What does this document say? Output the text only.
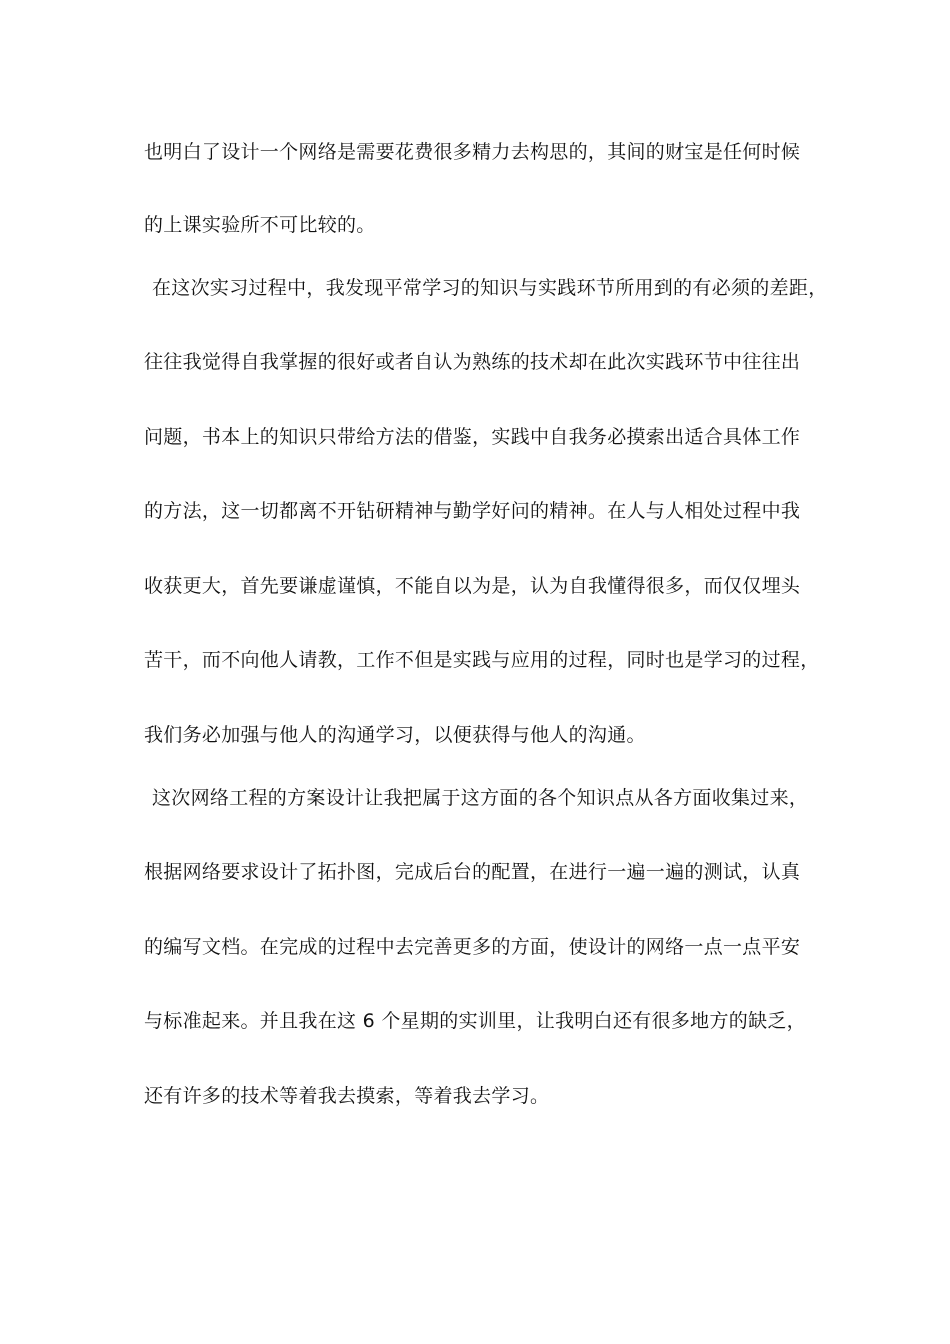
也明白了设计一个网络是需要花费很多精力去构思的，其间的财宝是任何时候
的上课实验所不可比较的。
在这次实习过程中，我发现平常学习的知识与实践环节所用到的有必须的差距，
往往我觉得自我掌握的很好或者自认为熟练的技术却在此次实践环节中往往出
问题，书本上的知识只带给方法的借鉴，实践中自我务必摸索出适合具体工作
的方法，这一切都离不开钻研精神与勤学好问的精神。在人与人相处过程中我
收获更大，首先要谦虚谨慎，不能自以为是，认为自我懂得很多，而仅仅埋头
苦干，而不向他人请教，工作不但是实践与应用的过程，同时也是学习的过程，
我们务必加强与他人的沟通学习，以便获得与他人的沟通。
这次网络工程的方案设计让我把属于这方面的各个知识点从各方面收集过来，
根据网络要求设计了拓扑图，完成后台的配置，在进行一遍一遍的测试，认真
的编写文档。在完成的过程中去完善更多的方面，使设计的网络一点一点平安
与标准起来。并且我在这 6 个星期的实训里，让我明白还有很多地方的缺乏，
还有许多的技术等着我去摸索，等着我去学习。
